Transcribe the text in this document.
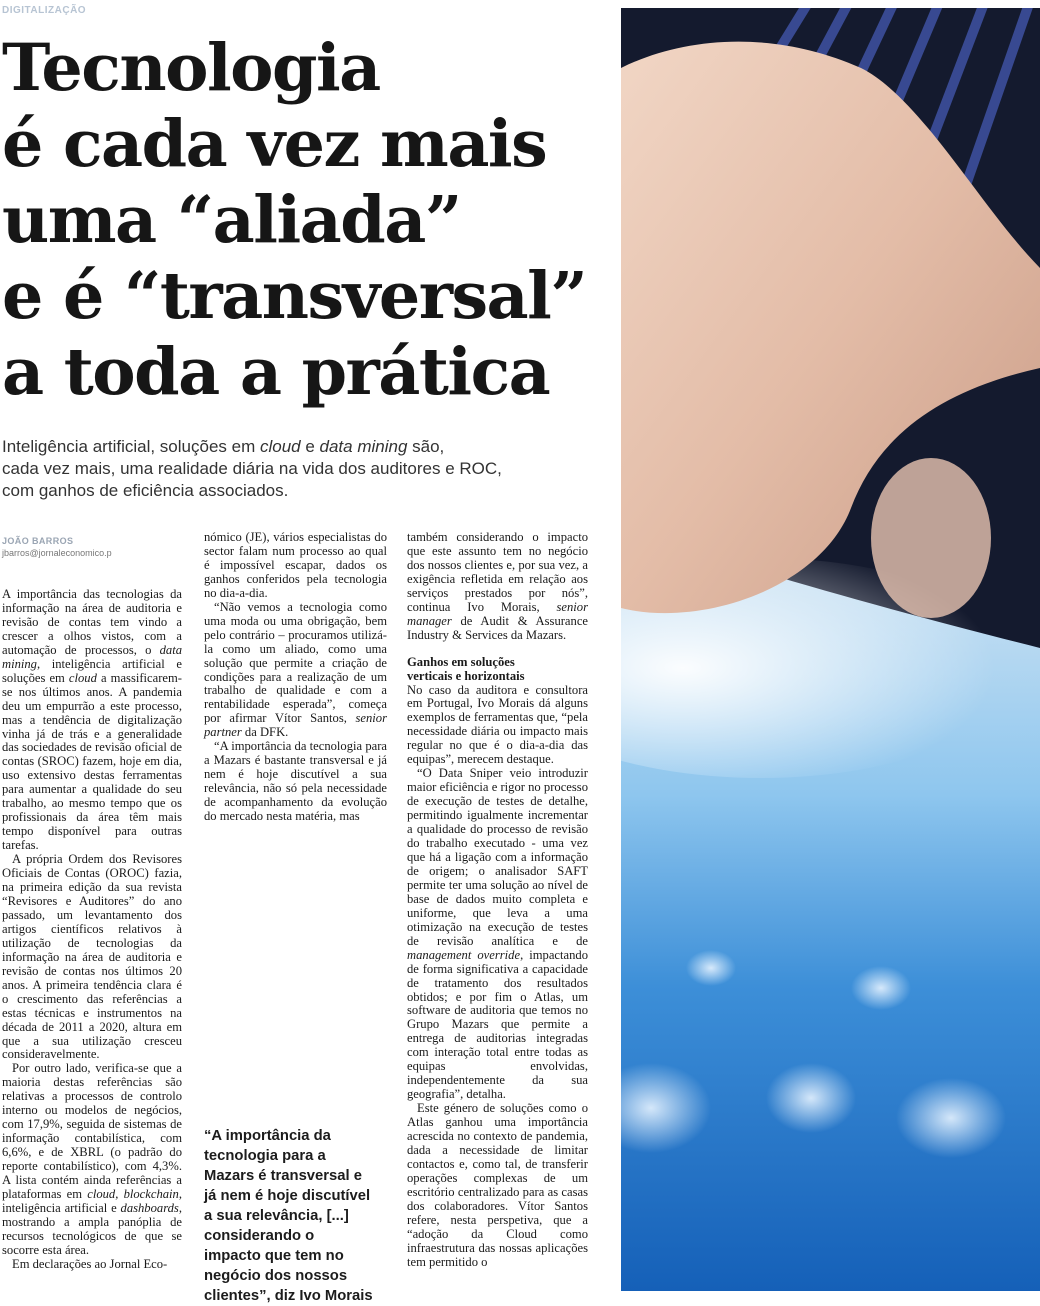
DIGITALIZAÇÃO
Tecnologia
é cada vez mais
uma “aliada”
e é “transversal”
a toda a prática

Inteligência artificial, soluções em cloud e data mining são,
cada vez mais, uma realidade diária na vida dos auditores e ROC,
com ganhos de eficiência associados.

JOÃO BARROS
jbarros@jornaleconomico.p

A importância das tecnologias da informação na área de auditoria e revisão de contas tem vindo a crescer a olhos vistos, com a automação de processos, o data mining, inteligência artificial e soluções em cloud a massificarem-se nos últimos anos. A pandemia deu um empurrão a este processo, mas a tendência de digitalização vinha já de trás e a generalidade das sociedades de revisão oficial de contas (SROC) fazem, hoje em dia, uso extensivo destas ferramentas para aumentar a qualidade do seu trabalho, ao mesmo tempo que os profissionais da área têm mais tempo disponível para outras tarefas.

A própria Ordem dos Revisores Oficiais de Contas (OROC) fazia, na primeira edição da sua revista “Revisores e Auditores” do ano passado, um levantamento dos artigos científicos relativos à utilização de tecnologias da informação na área de auditoria e revisão de contas nos últimos 20 anos. A primeira tendência clara é o crescimento das referências a estas técnicas e instrumentos na década de 2011 a 2020, altura em que a sua utilização cresceu consideravelmente.

Por outro lado, verifica-se que a maioria destas referências são relativas a processos de controlo interno ou modelos de negócios, com 17,9%, seguida de sistemas de informação contabilística, com 6,6%, e de XBRL (o padrão do reporte contabilístico), com 4,3%. A lista contém ainda referências a plataformas em cloud, blockchain, inteligência artificial e dashboards, mostrando a ampla panóplia de recursos tecnológicos de que se socorre esta área.

Em declarações ao Jornal Eco-

nómico (JE), vários especialistas do sector falam num processo ao qual é impossível escapar, dados os ganhos conferidos pela tecnologia no dia-a-dia.

“Não vemos a tecnologia como uma moda ou uma obrigação, bem pelo contrário – procuramos utilizá-la como um aliado, como uma solução que permite a criação de condições para a realização de um trabalho de qualidade e com a rentabilidade esperada”, começa por afirmar Vítor Santos, senior partner da DFK.

“A importância da tecnologia para a Mazars é bastante transversal e já nem é hoje discutível a sua relevância, não só pela necessidade de acompanhamento da evolução do mercado nesta matéria, mas

“A importância da
tecnologia para a
Mazars é transversal e
já nem é hoje discutível
a sua relevância, [...]
considerando o
impacto que tem no
negócio dos nossos
clientes”, diz Ivo Morais

também considerando o impacto que este assunto tem no negócio dos nossos clientes e, por sua vez, a exigência refletida em relação aos serviços prestados por nós”, continua Ivo Morais, senior manager de Audit & Assurance Industry & Services da Mazars.

Ganhos em soluções
verticais e horizontais

No caso da auditora e consultora em Portugal, Ivo Morais dá alguns exemplos de ferramentas que, “pela necessidade diária ou impacto mais regular no que é o dia-a-dia das equipas”, merecem destaque.

“O Data Sniper veio introduzir maior eficiência e rigor no processo de execução de testes de detalhe, permitindo igualmente incrementar a qualidade do processo de revisão do trabalho executado - uma vez que há a ligação com a informação de origem; o analisador SAFT permite ter uma solução ao nível de base de dados muito completa e uniforme, que leva a uma otimização na execução de testes de revisão analítica e de management override, impactando de forma significativa a capacidade de tratamento dos resultados obtidos; e por fim o Atlas, um software de auditoria que temos no Grupo Mazars que permite a entrega de auditorias integradas com interação total entre todas as equipas envolvidas, independentemente da sua geografia”, detalha.

Este género de soluções como o Atlas ganhou uma importância acrescida no contexto de pandemia, dada a necessidade de limitar contactos e, como tal, de transferir operações complexas de um escritório centralizado para as casas dos colaboradores. Vítor Santos refere, nesta perspetiva, que a “adoção da Cloud como infraestrutura das nossas aplicações tem permitido o
